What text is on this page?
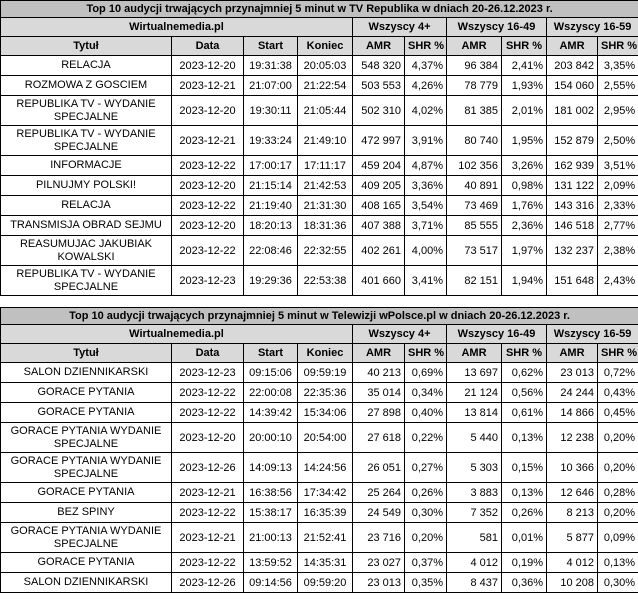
Top 10 audycji trwających przynajmniej 5 minut w TV Republika w dniach 20-26.12.2023 r.									
Wirtualnemedia.pl				Wszyscy 4+		Wszyscy 16-49		Wszyscy 16-59	
Tytuł	Data	Start	Koniec	AMR	SHR %	AMR	SHR %	AMR	SHR %
RELACJA	2023-12-20	19:31:38	20:05:03	548 320	4,37%	96 384	2,41%	203 842	3,35%
ROZMOWA Z GOSCIEM	2023-12-21	21:07:00	21:22:54	503 553	4,26%	78 779	1,93%	154 060	2,55%
REPUBLIKA TV - WYDANIE SPECJALNE	2023-12-20	19:30:11	21:05:44	502 310	4,02%	81 385	2,01%	181 002	2,95%
REPUBLIKA TV - WYDANIE SPECJALNE	2023-12-21	19:33:24	21:49:10	472 997	3,91%	80 740	1,95%	152 879	2,50%
INFORMACJE	2023-12-22	17:00:17	17:11:17	459 204	4,87%	102 356	3,26%	162 939	3,51%
PILNUJMY POLSKI!	2023-12-20	21:15:14	21:42:53	409 205	3,36%	40 891	0,98%	131 122	2,09%
RELACJA	2023-12-22	21:19:40	21:31:30	408 165	3,54%	73 469	1,76%	143 316	2,33%
TRANSMISJA OBRAD SEJMU	2023-12-20	18:20:13	18:31:36	407 388	3,71%	85 555	2,36%	146 518	2,77%
REASUMUJAC JAKUBIAK KOWALSKI	2023-12-22	22:08:46	22:32:55	402 261	4,00%	73 517	1,97%	132 237	2,38%
REPUBLIKA TV - WYDANIE SPECJALNE	2023-12-23	19:29:36	22:53:38	401 660	3,41%	82 151	1,94%	151 648	2,43%
Top 10 audycji trwających przynajmniej 5 minut w Telewizji wPolsce.pl w dniach 20-26.12.2023 r.									
Wirtualnemedia.pl				Wszyscy 4+		Wszyscy 16-49		Wszyscy 16-59	
Tytuł	Data	Start	Koniec	AMR	SHR %	AMR	SHR %	AMR	SHR %
SALON DZIENNIKARSKI	2023-12-23	09:15:06	09:59:19	40 213	0,69%	13 697	0,62%	23 013	0,72%
GORACE PYTANIA	2023-12-22	22:00:08	22:35:36	35 014	0,34%	21 124	0,56%	24 244	0,43%
GORACE PYTANIA	2023-12-22	14:39:42	15:34:06	27 898	0,40%	13 814	0,61%	14 866	0,45%
GORACE PYTANIA WYDANIE SPECJALNE	2023-12-20	20:00:10	20:54:00	27 618	0,22%	5 440	0,13%	12 238	0,20%
GORACE PYTANIA WYDANIE SPECJALNE	2023-12-26	14:09:13	14:24:56	26 051	0,27%	5 303	0,15%	10 366	0,20%
GORACE PYTANIA	2023-12-21	16:38:56	17:34:42	25 264	0,26%	3 883	0,13%	12 646	0,28%
BEZ SPINY	2023-12-22	15:38:17	16:35:39	24 549	0,30%	7 352	0,26%	8 213	0,20%
GORACE PYTANIA WYDANIE SPECJALNE	2023-12-21	21:00:13	21:52:41	23 716	0,20%	581	0,01%	5 877	0,09%
GORACE PYTANIA	2023-12-22	13:59:52	14:35:31	23 027	0,37%	4 012	0,19%	4 012	0,13%
SALON DZIENNIKARSKI	2023-12-26	09:14:56	09:59:20	23 013	0,35%	8 437	0,36%	10 208	0,30%
